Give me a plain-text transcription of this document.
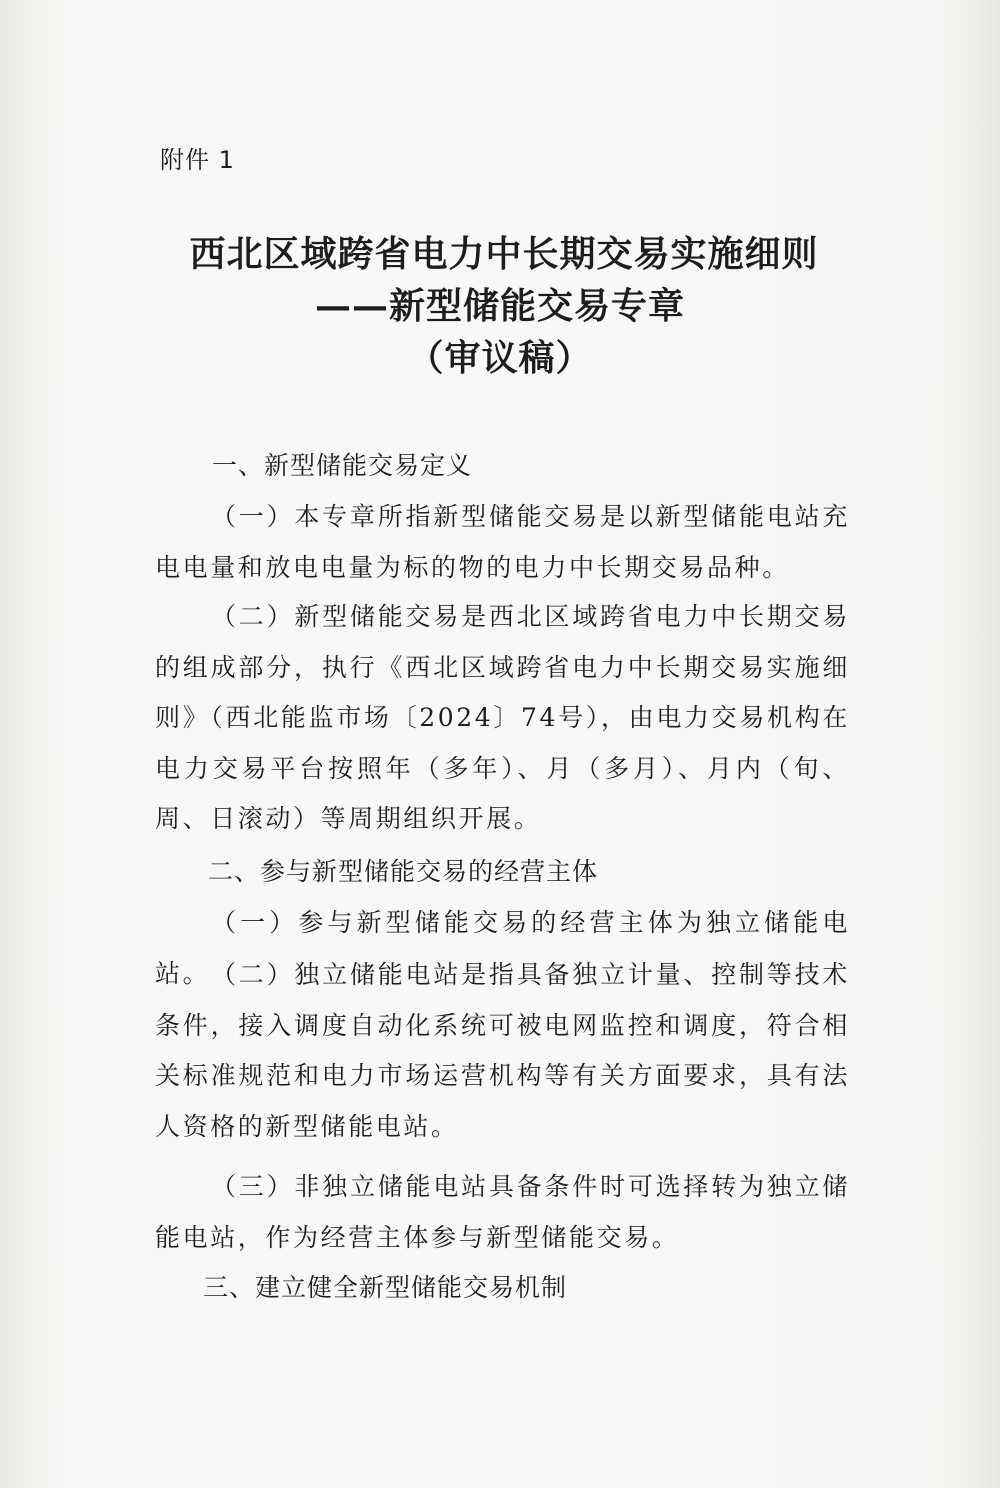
附件 1
西北区域跨省电力中长期交易实施细则
——新型储能交易专章
（审议稿）
一、新型储能交易定义
（一）本专章所指新型储能交易是以新型储能电站充电电量和放电电量为标的物的电力中长期交易品种。
（二）新型储能交易是西北区域跨省电力中长期交易的组成部分，执行《西北区域跨省电力中长期交易实施细则》（西北能监市场〔2024〕74号），由电力交易机构在电力交易平台按照年（多年）、月（多月）、月内（旬、周、日滚动）等周期组织开展。
二、参与新型储能交易的经营主体
（一）参与新型储能交易的经营主体为独立储能电站。 （二）独立储能电站是指具备独立计量、控制等技术条件，接入调度自动化系统可被电网监控和调度，符合相关标准规范和电力市场运营机构等有关方面要求，具有法人资格的新型储能电站。
（三）非独立储能电站具备条件时可选择转为独立储能电站，作为经营主体参与新型储能交易。
三、建立健全新型储能交易机制
